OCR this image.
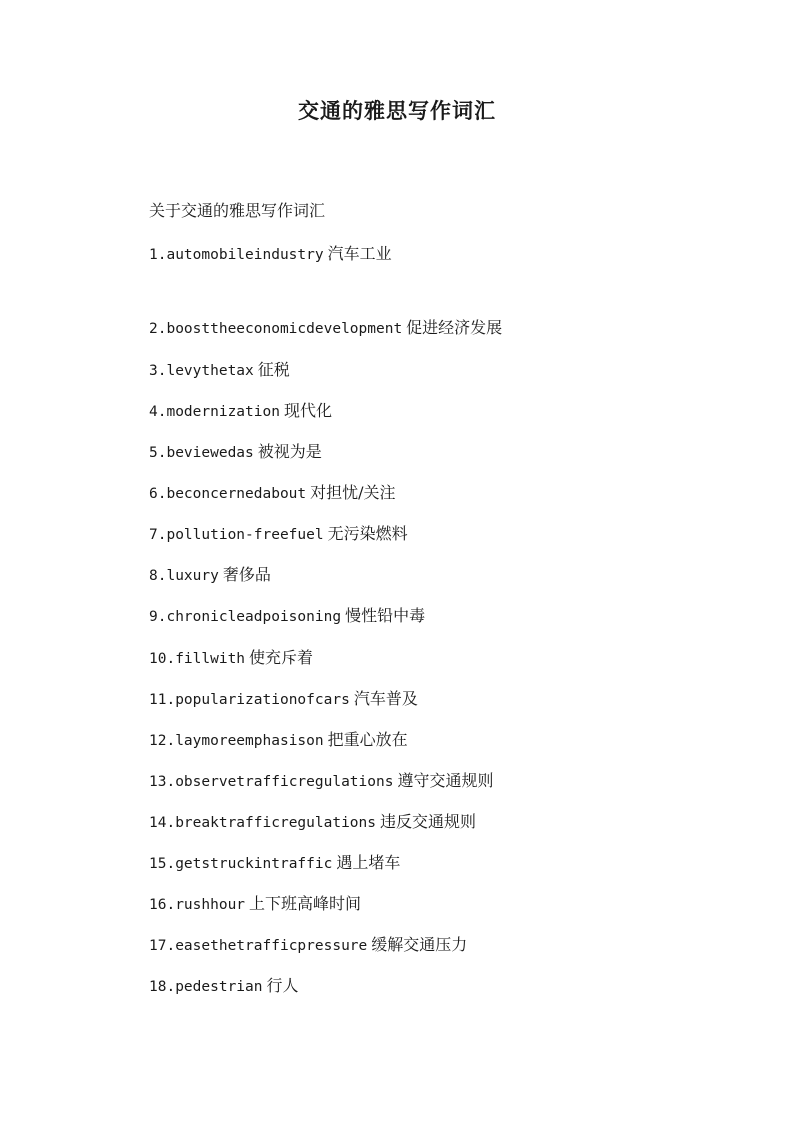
交通的雅思写作词汇

关于交通的雅思写作词汇

1.automobileindustry 汽车工业

2.boosttheeconomicdevelopment 促进经济发展

3.levythetax 征税

4.modernization 现代化

5.beviewedas 被视为是

6.beconcernedabout 对担忧/关注

7.pollution-freefuel 无污染燃料

8.luxury 奢侈品

9.chronicleadpoisoning 慢性铅中毒

10.fillwith 使充斥着

11.popularizationofcars 汽车普及

12.laymoreemphasison 把重心放在

13.observetrafficregulations 遵守交通规则

14.breaktrafficregulations 违反交通规则

15.getstruckintraffic 遇上堵车

16.rushhour 上下班高峰时间

17.easethetrafficpressure 缓解交通压力

18.pedestrian 行人
